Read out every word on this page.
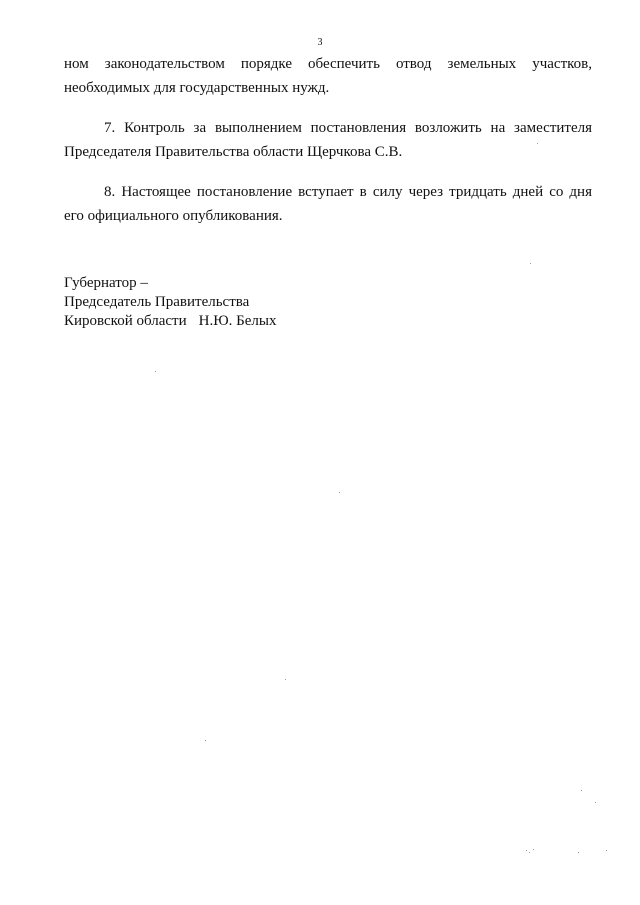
3

ном законодательством порядке обеспечить отвод земельных участков, необходимых для государственных нужд.

7. Контроль за выполнением постановления возложить на заместителя Председателя Правительства области Щерчкова С.В.

8. Настоящее постановление вступает в силу через тридцать дней со дня его официального опубликования.

Губернатор –
Председатель Правительства
Кировской области Н.Ю. Белых
